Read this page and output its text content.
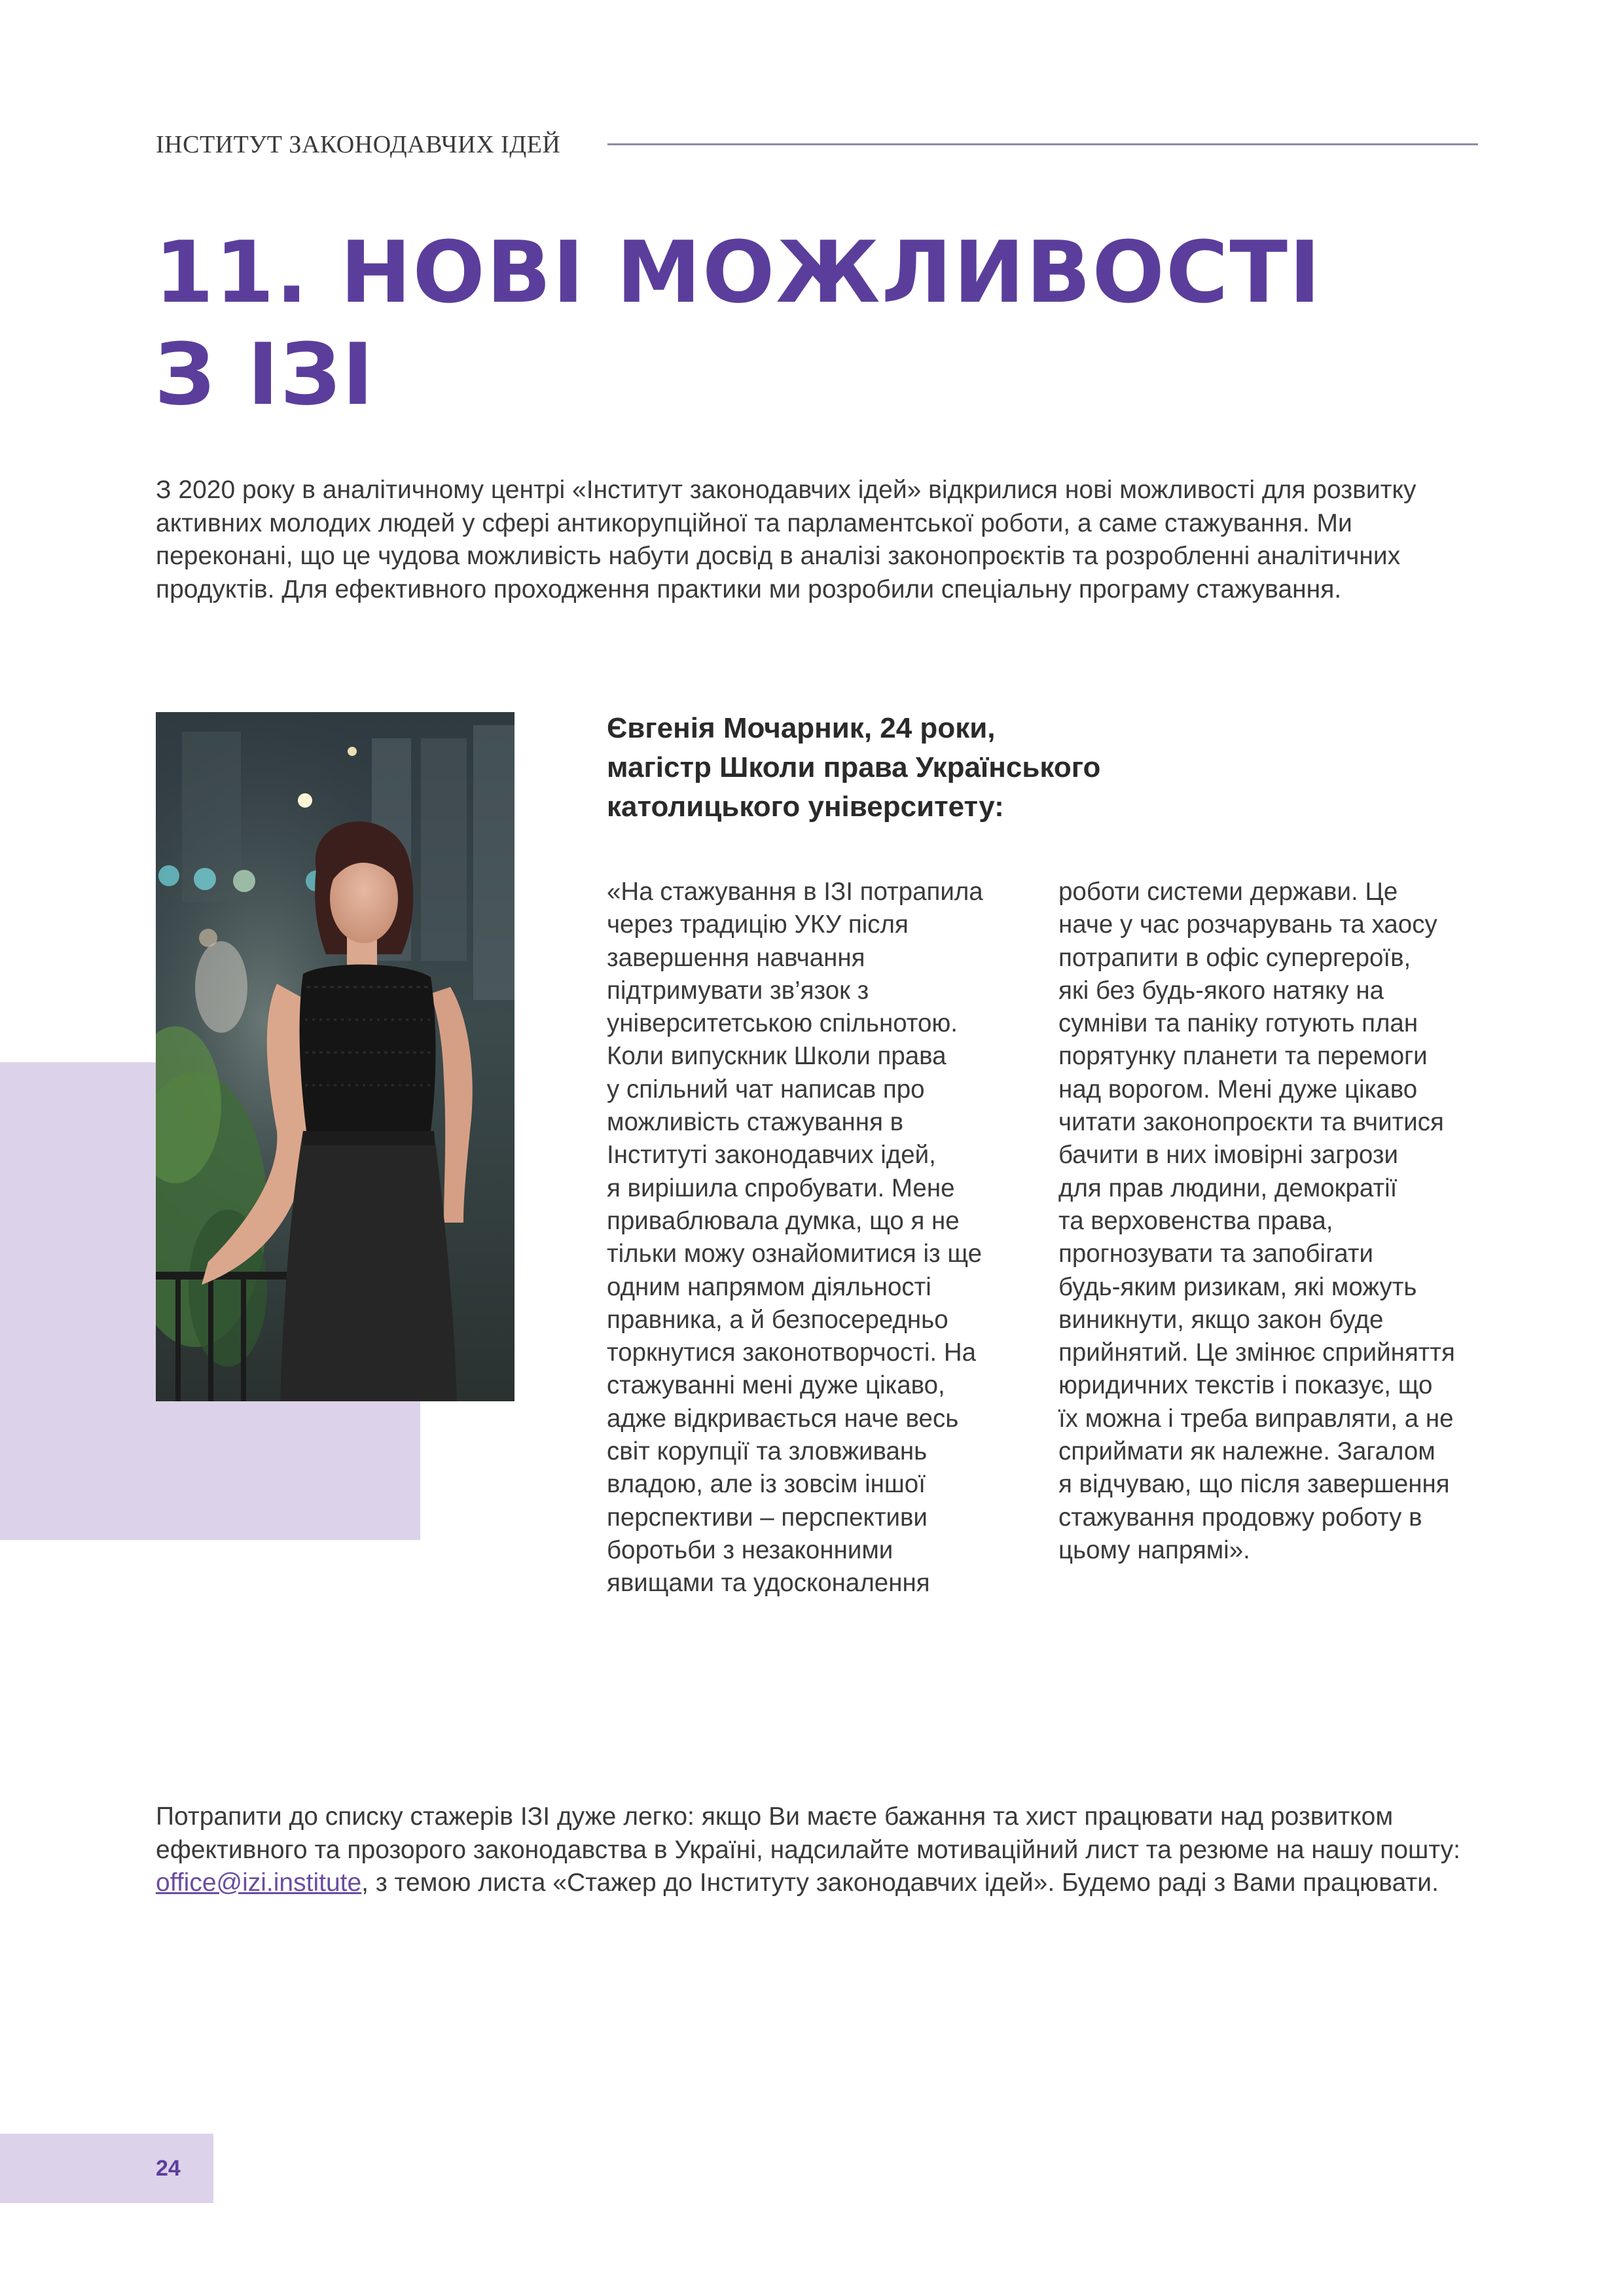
ІНСТИТУТ ЗАКОНОДАВЧИХ ІДЕЙ
11. НОВІ МОЖЛИВОСТІ
З ІЗІ

З 2020 року в аналітичному центрі «Інститут законодавчих ідей» відкрилися нові можливості для розвитку активних молодих людей у сфері антикорупційної та парламентської роботи, а саме стажування. Ми переконані, що це чудова можливість набути досвід в аналізі законопроєктів та розробленні аналітичних продуктів. Для ефективного проходження практики ми розробили спеціальну програму стажування.

Євгенія Мочарник, 24 роки,
магістр Школи права Українського
католицького університету:
«На стажування в ІЗІ потрапила
через традицію УКУ після
завершення навчання
підтримувати зв’язок з
університетською спільнотою.
Коли випускник Школи права
у спільний чат написав про
можливість стажування в
Інституті законодавчих ідей,
я вирішила спробувати. Мене
приваблювала думка, що я не
тільки можу ознайомитися із ще
одним напрямом діяльності
правника, а й безпосередньо
торкнутися законотворчості. На
стажуванні мені дуже цікаво,
адже відкривається наче весь
світ корупції та зловживань
владою, але із зовсім іншої
перспективи – перспективи
боротьби з незаконними
явищами та удосконалення
роботи системи держави. Це
наче у час розчарувань та хаосу
потрапити в офіс супергероїв,
які без будь-якого натяку на
сумніви та паніку готують план
порятунку планети та перемоги
над ворогом. Мені дуже цікаво
читати законопроєкти та вчитися
бачити в них імовірні загрози
для прав людини, демократії
та верховенства права,
прогнозувати та запобігати
будь-яким ризикам, які можуть
виникнути, якщо закон буде
прийнятий. Це змінює сприйняття
юридичних текстів і показує, що
їх можна і треба виправляти, а не
сприймати як належне. Загалом
я відчуваю, що після завершення
стажування продовжу роботу в
цьому напрямі».

Потрапити до списку стажерів ІЗІ дуже легко: якщо Ви маєте бажання та хист працювати над розвитком ефективного та прозорого законодавства в Україні, надсилайте мотиваційний лист та резюме на нашу пошту: office@izi.institute, з темою листа «Стажер до Інституту законодавчих ідей». Будемо раді з Вами працювати.

24
